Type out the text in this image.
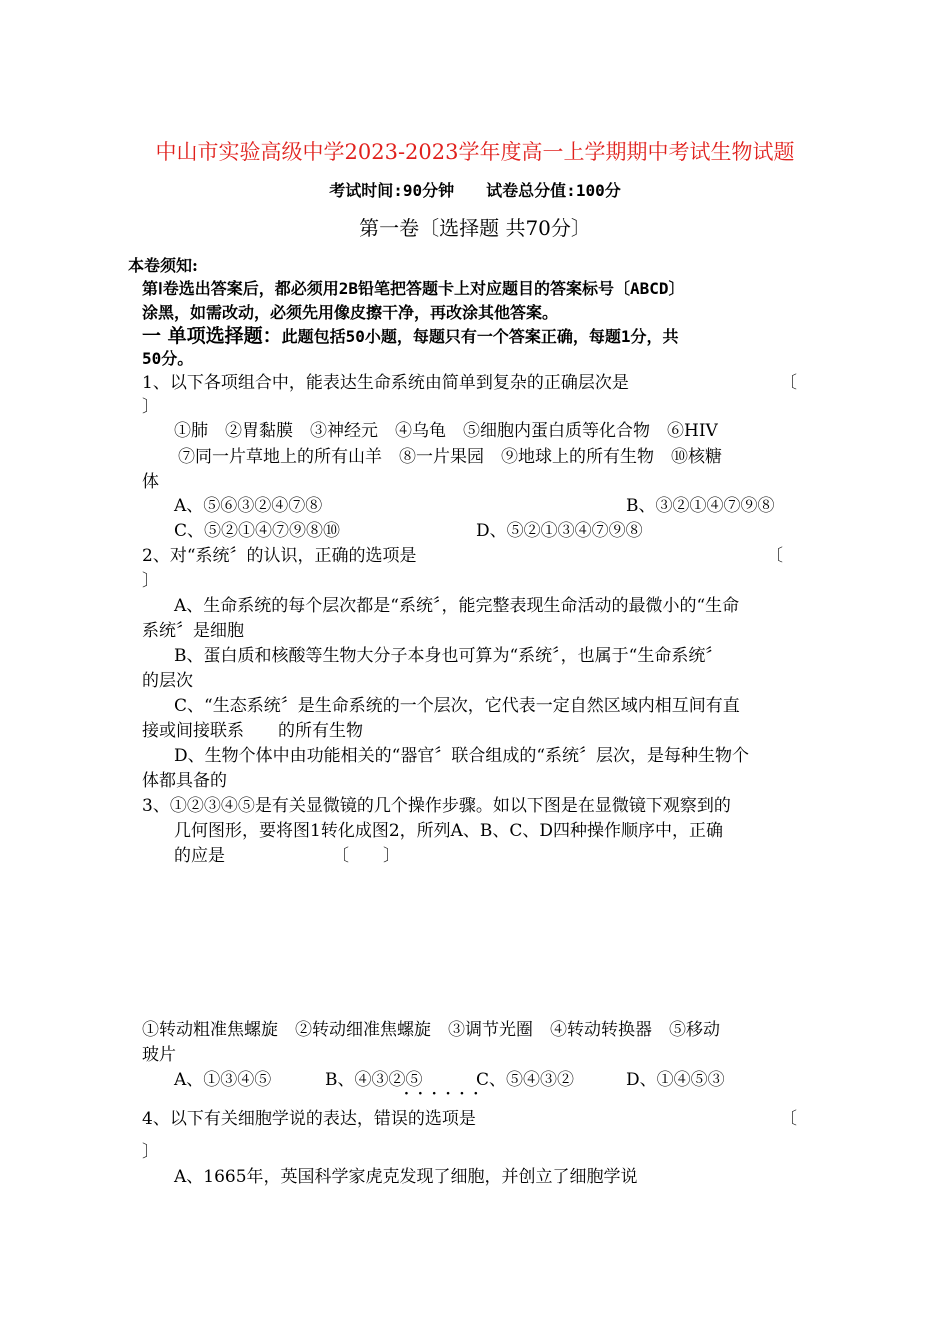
中山市实验高级中学2023-2023学年度高一上学期期中考试生物试题
考试时间:90分钟　　试卷总分值:100分
第一卷〔选择题 共70分〕
本卷须知:
第Ⅰ卷选出答案后，都必须用2B铅笔把答题卡上对应题目的答案标号〔ABCD〕
涂黑，如需改动，必须先用像皮擦干净，再改涂其他答案。
一 单项选择题：此题包括50小题，每题只有一个答案正确，每题1分，共
50分。
1、以下各项组合中，能表达生命系统由简单到复杂的正确层次是	〔
〕
①肺　②胃黏膜　③神经元　④乌龟　⑤细胞内蛋白质等化合物　⑥HIV
⑦同一片草地上的所有山羊　⑧一片果园　⑨地球上的所有生物　⑩核糖
体
A、⑤⑥③②④⑦⑧	B、③②①④⑦⑨⑧
C、⑤②①④⑦⑨⑧⑩	D、⑤②①③④⑦⑨⑧
2、对“系统〞的认识，正确的选项是	〔
〕
A、生命系统的每个层次都是“系统〞，能完整表现生命活动的最微小的“生命
系统〞是细胞
B、蛋白质和核酸等生物大分子本身也可算为“系统〞，也属于“生命系统〞
的层次
C、“生态系统〞是生命系统的一个层次，它代表一定自然区域内相互间有直
接或间接联系　　的所有生物
D、生物个体中由功能相关的“器官〞联合组成的“系统〞层次，是每种生物个
体都具备的
3、①②③④⑤是有关显微镜的几个操作步骤。如以下图是在显微镜下观察到的
几何图形，要将图1转化成图2，所列A、B、C、D四种操作顺序中，正确
的应是	〔　　〕
①转动粗准焦螺旋　②转动细准焦螺旋　③调节光圈　④转动转换器　⑤移动
玻片
A、①③④⑤	B、④③②⑤	C、⑤④③②	D、①④⑤③
······
4、以下有关细胞学说的表达，错误的选项是	〔
〕
A、1665年，英国科学家虎克发现了细胞，并创立了细胞学说
